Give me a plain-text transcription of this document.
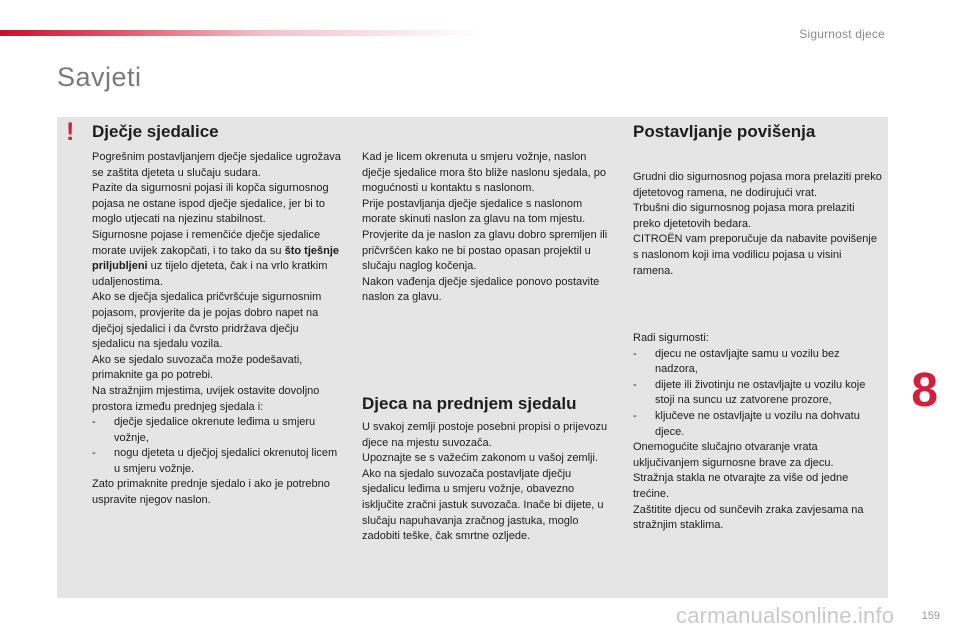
Sigurnost djece
Savjeti
! Dječje sjedalice

Pogrešnim postavljanjem dječje sjedalice ugrožava se zaštita djeteta u slučaju sudara.

Pazite da sigurnosni pojasi ili kopča sigurnosnog pojasa ne ostane ispod dječje sjedalice, jer bi to moglo utjecati na njezinu stabilnost.

Sigurnosne pojase i remenčiće dječje sjedalice morate uvijek zakopčati, i to tako da su što tješnje priljubljeni uz tijelo djeteta, čak i na vrlo kratkim udaljenostima.

Ako se dječja sjedalica pričvršćuje sigurnosnim pojasom, provjerite da je pojas dobro napet na dječjoj sjedalici i da čvrsto pridržava dječju sjedalicu na sjedalu vozila.

Ako se sjedalo suvozača može podešavati, primaknite ga po potrebi.

Na stražnjim mjestima, uvijek ostavite dovoljno prostora između prednjeg sjedala i:

- dječje sjedalice okrenute leđima u smjeru vožnje,
- nogu djeteta u dječjoj sjedalici okrenutoj licem u smjeru vožnje.

Zato primaknite prednje sjedalo i ako je potrebno uspravite njegov naslon.

Kad je licem okrenuta u smjeru vožnje, naslon dječje sjedalice mora što bliže naslonu sjedala, po mogućnosti u kontaktu s naslonom.

Prije postavljanja dječje sjedalice s naslonom morate skinuti naslon za glavu na tom mjestu.

Provjerite da je naslon za glavu dobro spremljen ili pričvršćen kako ne bi postao opasan projektil u slučaju naglog kočenja.

Nakon vađenja dječje sjedalice ponovo postavite naslon za glavu.

Djeca na prednjem sjedalu

U svakoj zemlji postoje posebni propisi o prijevozu djece na mjestu suvozača.

Upoznajte se s važećim zakonom u vašoj zemlji.

Ako na sjedalo suvozača postavljate dječju sjedalicu leđima u smjeru vožnje, obavezno isključite zračni jastuk suvozača. Inače bi dijete, u slučaju napuhavanja zračnog jastuka, moglo zadobiti teške, čak smrtne ozljede.

Postavljanje povišenja

Grudni dio sigurnosnog pojasa mora prelaziti preko djetetovog ramena, ne dodirujući vrat.

Trbušni dio sigurnosnog pojasa mora prelaziti preko djetetovih bedara.

CITROËN vam preporučuje da nabavite povišenje s naslonom koji ima vodilicu pojasa u visini ramena.

Radi sigurnosti:

- djecu ne ostavljajte samu u vozilu bez nadzora,
- dijete ili životinju ne ostavljajte u vozilu koje stoji na suncu uz zatvorene prozore,
- ključeve ne ostavljajte u vozilu na dohvatu djece.

Onemogućite slučajno otvaranje vrata uključivanjem sigurnosne brave za djecu.

Stražnja stakla ne otvarajte za više od jedne trećine.

Zaštitite djecu od sunčevih zraka zavjesama na stražnjim staklima.

8
carmanualsonline.info 159
